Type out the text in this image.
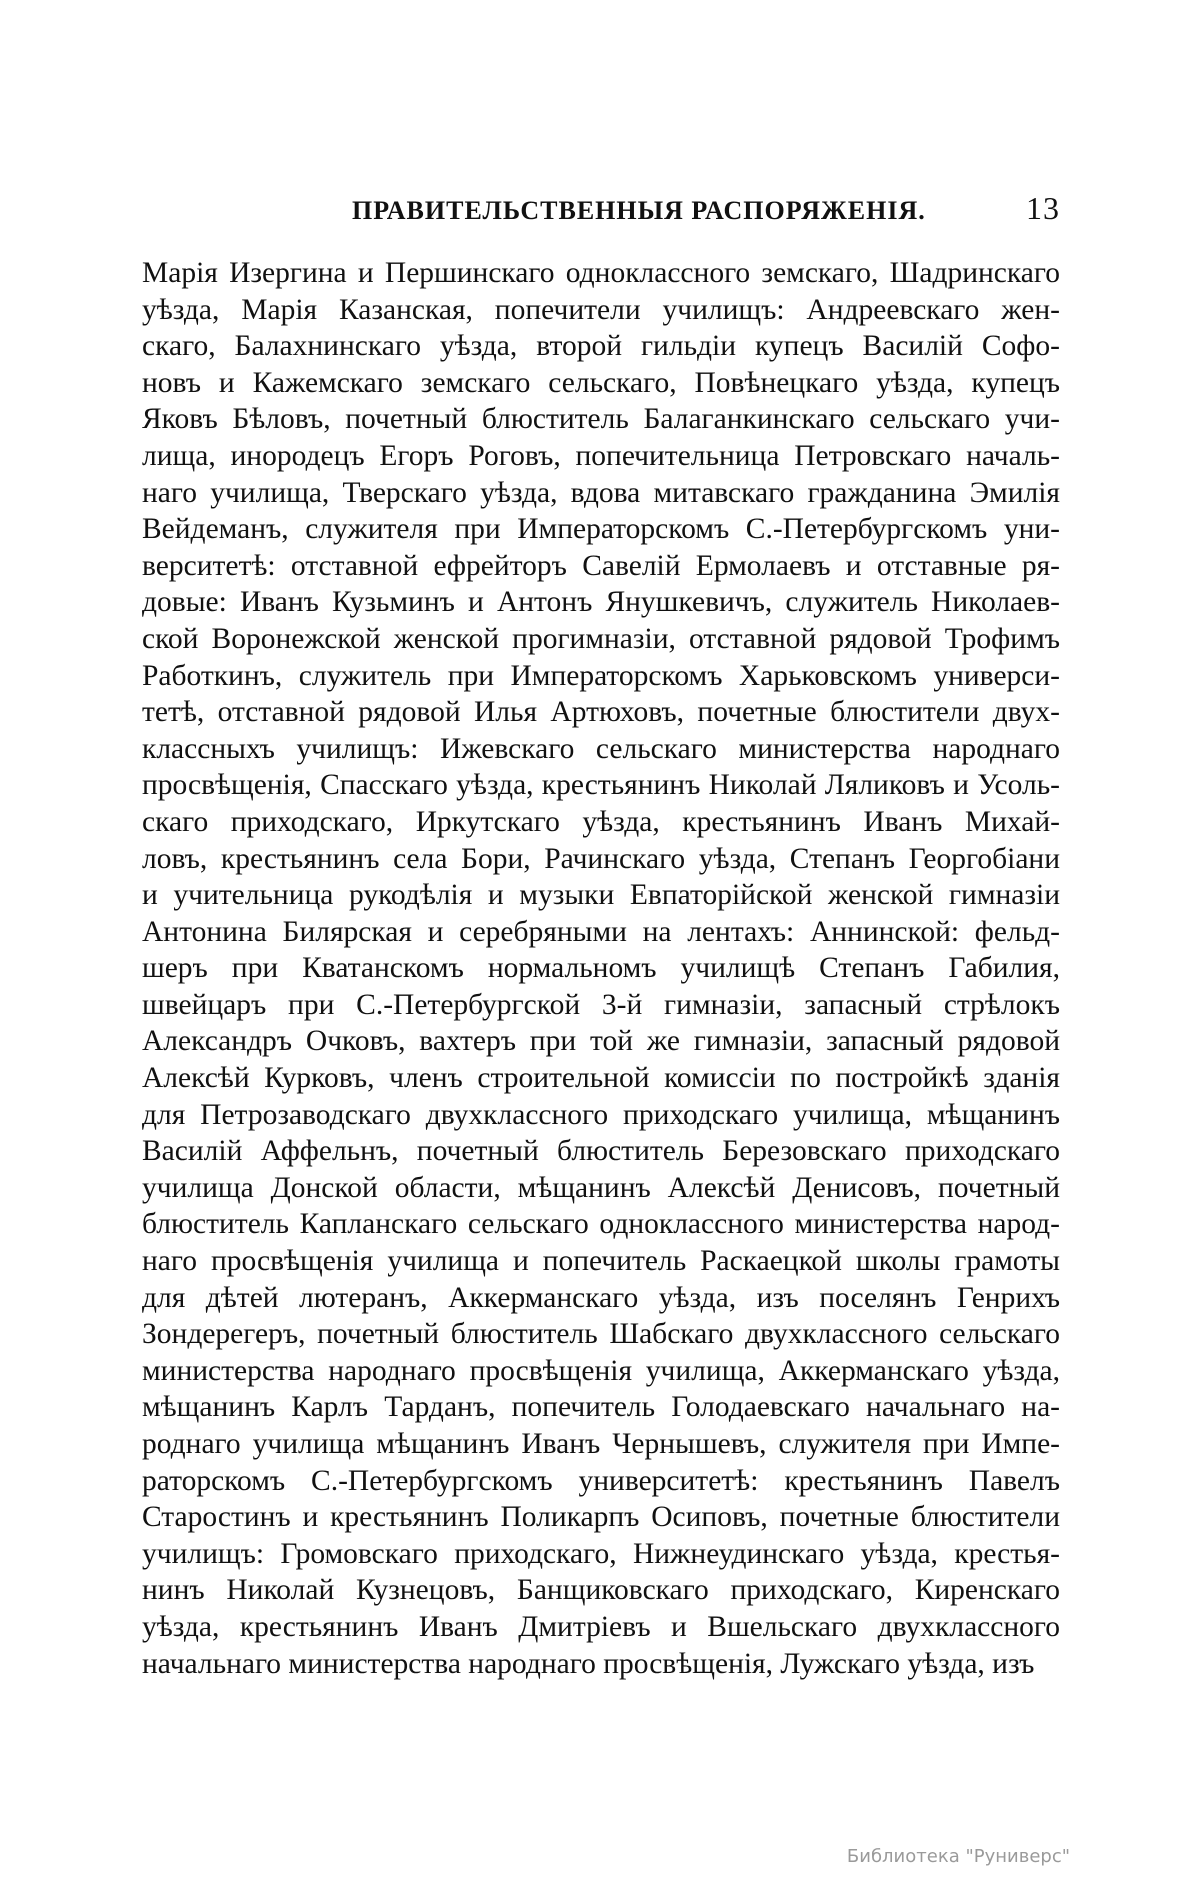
ПРАВИТЕЛЬСТВЕННЫЯ РАСПОРЯЖЕНІЯ.	13
Марія Изергина и Першинскаго одноклассного земскаго, Шадринскаго
уѣзда, Марія Казанская, попечители училищъ: Андреевскаго жен-
скаго, Балахнинскаго уѣзда, второй гильдіи купецъ Василій Софо-
новъ и Кажемскаго земскаго сельскаго, Повѣнецкаго уѣзда, купецъ
Яковъ Бѣловъ, почетный блюститель Балаганкинскаго сельскаго учи-
лища, инородецъ Егоръ Роговъ, попечительница Петровскаго началь-
наго училища, Тверскаго уѣзда, вдова митавскаго гражданина Эмилія
Вейдеманъ, служителя при Императорскомъ С.-Петербургскомъ уни-
верситетѣ: отставной ефрейторъ Савелій Ермолаевъ и отставные ря-
довые: Иванъ Кузьминъ и Антонъ Янушкевичъ, служитель Николаев-
ской Воронежской женской прогимназіи, отставной рядовой Трофимъ
Работкинъ, служитель при Императорскомъ Харьковскомъ универси-
тетѣ, отставной рядовой Илья Артюховъ, почетные блюстители двух-
классныхъ училищъ: Ижевскаго сельскаго министерства народнаго
просвѣщенія, Спасскаго уѣзда, крестьянинъ Николай Ляликовъ и Усоль-
скаго приходскаго, Иркутскаго уѣзда, крестьянинъ Иванъ Михай-
ловъ, крестьянинъ села Бори, Рачинскаго уѣзда, Степанъ Георгобіани
и учительница рукодѣлія и музыки Евпаторійской женской гимназіи
Антонина Билярская и серебряными на лентахъ: Аннинской: фельд-
шеръ при Кватанскомъ нормальномъ училищѣ Степанъ Габилия,
швейцаръ при С.-Петербургской 3-й гимназіи, запасный стрѣлокъ
Александръ Очковъ, вахтеръ при той же гимназіи, запасный рядовой
Алексѣй Курковъ, членъ строительной комиссіи по постройкѣ зданія
для Петрозаводскаго двухклассного приходскаго училища, мѣщанинъ
Василій Аффельнъ, почетный блюститель Березовскаго приходскаго
училища Донской области, мѣщанинъ Алексѣй Денисовъ, почетный
блюститель Капланскаго сельскаго одноклассного министерства народ-
наго просвѣщенія училища и попечитель Раскаецкой школы грамоты
для дѣтей лютеранъ, Аккерманскаго уѣзда, изъ поселянъ Генрихъ
Зондерегеръ, почетный блюститель Шабскаго двухклассного сельскаго
министерства народнаго просвѣщенія училища, Аккерманскаго уѣзда,
мѣщанинъ Карлъ Тарданъ, попечитель Голодаевскаго начальнаго на-
роднаго училища мѣщанинъ Иванъ Чернышевъ, служителя при Импе-
раторскомъ С.-Петербургскомъ университетѣ: крестьянинъ Павелъ
Старостинъ и крестьянинъ Поликарпъ Осиповъ, почетные блюстители
училищъ: Громовскаго приходскаго, Нижнеудинскаго уѣзда, крестья-
нинъ Николай Кузнецовъ, Банщиковскаго приходскаго, Киренскаго
уѣзда, крестьянинъ Иванъ Дмитріевъ и Вшельскаго двухклассного
начальнаго министерства народнаго просвѣщенія, Лужскаго уѣзда, изъ
Библиотека "Руниверс"
